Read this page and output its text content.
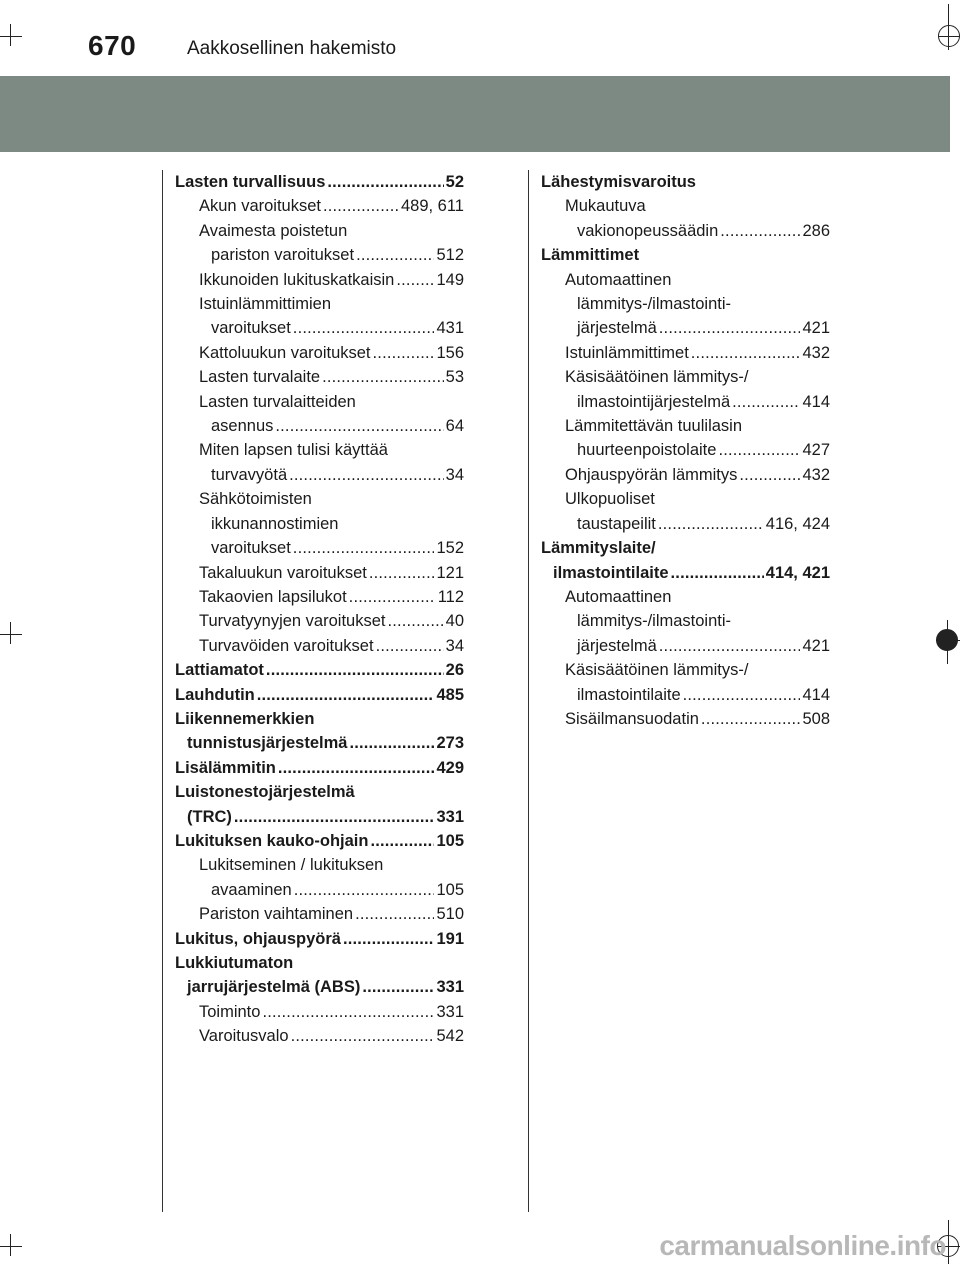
670	Aakkosellinen hakemisto
Lasten turvallisuus . . .	52
Akun varoitukset . . .	489, 611
Avaimesta poistetun
pariston varoitukset . . .	512
Ikkunoiden lukituskatkaisin . . .	149
Istuinlämmittimien
varoitukset . . .	431
Kattoluukun varoitukset . . .	156
Lasten turvalaite . . .	53
Lasten turvalaitteiden
asennus . . .	64
Miten lapsen tulisi käyttää
turvavyötä . . .	34
Sähkötoimisten
ikkunannostimien
varoitukset . . .	152
Takaluukun varoitukset . . .	121
Takaovien lapsilukot . . .	112
Turvatyynyjen varoitukset . . .	40
Turvavöiden varoitukset . . .	34
Lattiamatot . . .	26
Lauhdutin . . .	485
Liikennemerkkien
tunnistusjärjestelmä . . .	273
Lisälämmitin . . .	429
Luistonestojärjestelmä
(TRC) . . .	331
Lukituksen kauko-ohjain . . .	105
Lukitseminen / lukituksen
avaaminen . . .	105
Pariston vaihtaminen . . .	510
Lukitus, ohjauspyörä . . .	191
Lukkiutumaton
jarrujärjestelmä (ABS) . . .	331
Toiminto . . .	331
Varoitusvalo . . .	542
Lähestymisvaroitus
Mukautuva
vakionopeussäädin . . .	286
Lämmittimet
Automaattinen
lämmitys-/ilmastointi-
järjestelmä . . .	421
Istuinlämmittimet . . .	432
Käsisäätöinen lämmitys-/
ilmastointijärjestelmä . . .	414
Lämmitettävän tuulilasin
huurteenpoistolaite . . .	427
Ohjauspyörän lämmitys . . .	432
Ulkopuoliset
taustapeilit . . .	416, 424
Lämmityslaite/
ilmastointilaite . . .	414, 421
Automaattinen
lämmitys-/ilmastointi-
järjestelmä . . .	421
Käsisäätöinen lämmitys-/
ilmastointilaite . . .	414
Sisäilmansuodatin . . .	508
carmanualsonline.info
